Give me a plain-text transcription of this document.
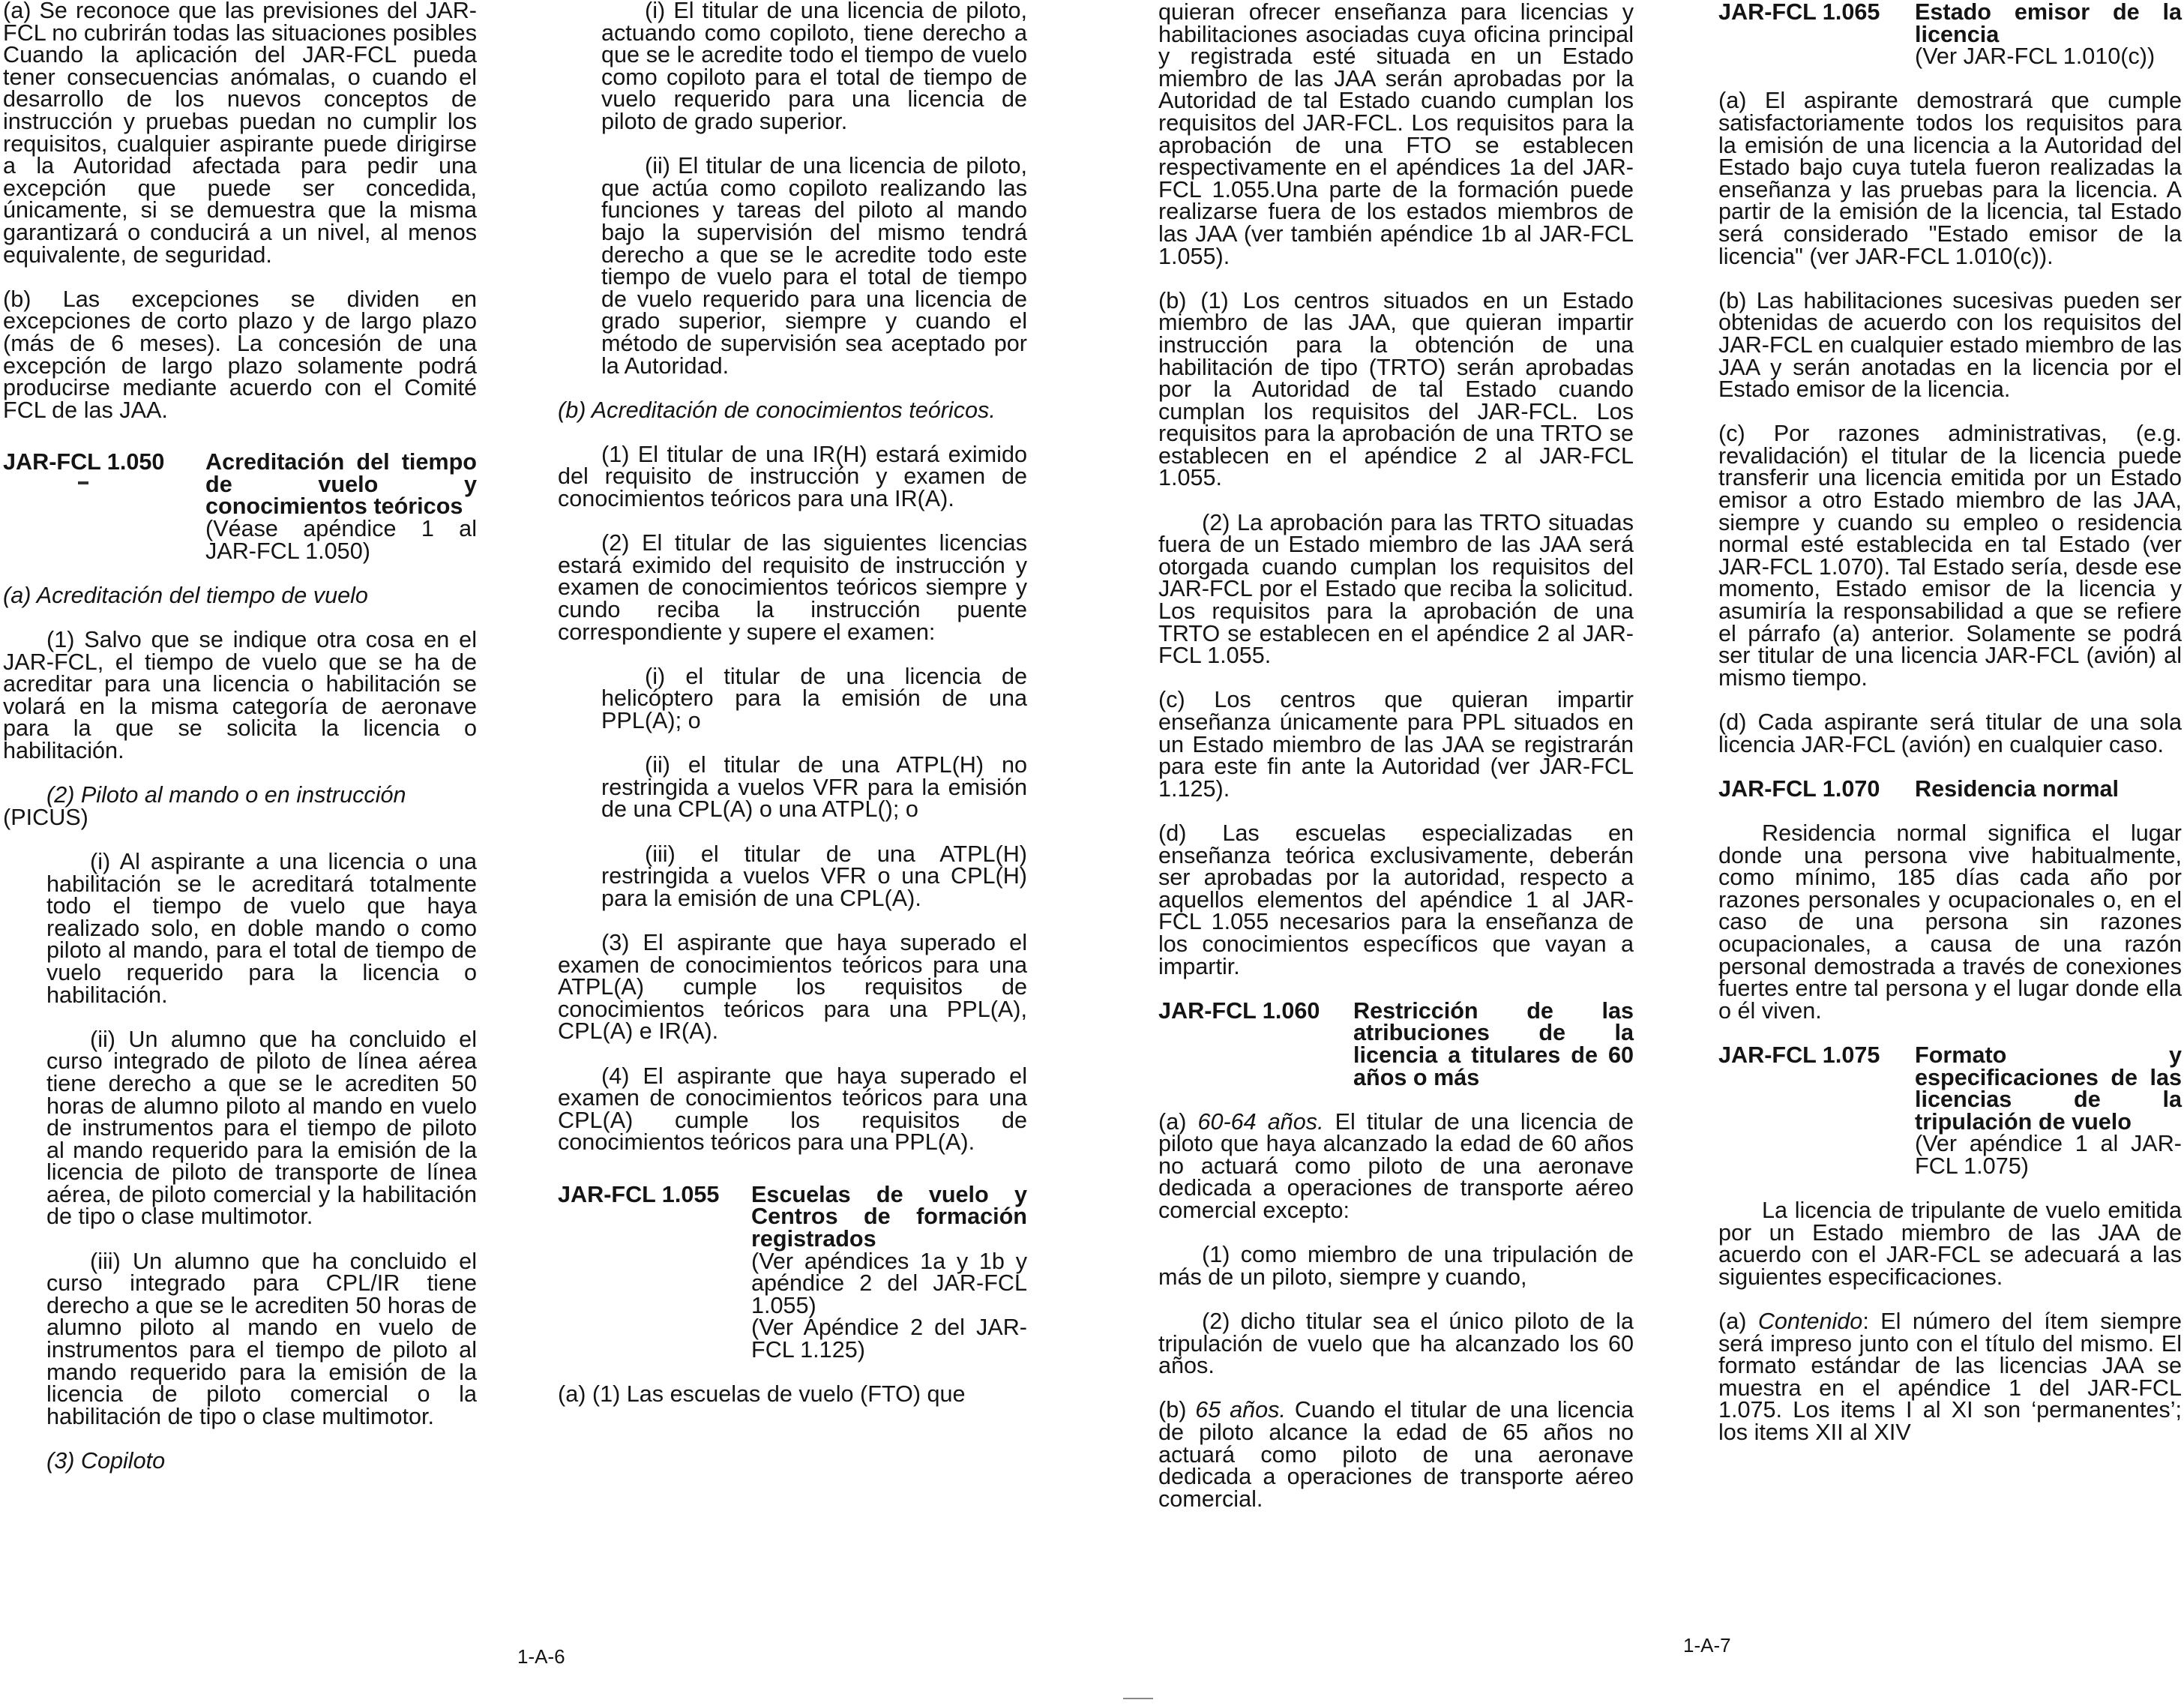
(a) Se reconoce que las previsiones del JAR-FCL no cubrirán todas las situaciones posibles Cuando la aplicación del JAR-FCL pueda tener consecuencias anómalas, o cuando el desarrollo de los nuevos conceptos de instrucción y pruebas puedan no cumplir los requisitos, cualquier aspirante puede dirigirse a la Autoridad afectada para pedir una excepción que puede ser concedida, únicamente, si se demuestra que la misma garantizará o conducirá a un nivel, al menos equivalente, de seguridad.

(b) Las excepciones se dividen en excepciones de corto plazo y de largo plazo (más de 6 meses). La concesión de una excepción de largo plazo solamente podrá producirse mediante acuerdo con el Comité FCL de las JAA.

JAR-FCL 1.050	Acreditación del tiempo de vuelo y conocimientos teóricos
(Véase apéndice 1 al JAR-FCL 1.050)

(a) Acreditación del tiempo de vuelo

(1) Salvo que se indique otra cosa en el JAR-FCL, el tiempo de vuelo que se ha de acreditar para una licencia o habilitación se volará en la misma categoría de aeronave para la que se solicita la licencia o habilitación.

(2) Piloto al mando o en instrucción

(PICUS)

(i) Al aspirante a una licencia o una habilitación se le acreditará totalmente todo el tiempo de vuelo que haya realizado solo, en doble mando o como piloto al mando, para el total de tiempo de vuelo requerido para la licencia o habilitación.

(ii) Un alumno que ha concluido el curso integrado de piloto de línea aérea tiene derecho a que se le acrediten 50 horas de alumno piloto al mando en vuelo de instrumentos para el tiempo de piloto al mando requerido para la emisión de la licencia de piloto de transporte de línea aérea, de piloto comercial y la habilitación de tipo o clase multimotor.

(iii) Un alumno que ha concluido el curso integrado para CPL/IR tiene derecho a que se le acrediten 50 horas de alumno piloto al mando en vuelo de instrumentos para el tiempo de piloto al mando requerido para la emisión de la licencia de piloto comercial o la habilitación de tipo o clase multimotor.

(3) Copiloto

(i) El titular de una licencia de piloto, actuando como copiloto, tiene derecho a que se le acredite todo el tiempo de vuelo como copiloto para el total de tiempo de vuelo requerido para una licencia de piloto de grado superior.

(ii) El titular de una licencia de piloto, que actúa como copiloto realizando las funciones y tareas del piloto al mando bajo la supervisión del mismo tendrá derecho a que se le acredite todo este tiempo de vuelo para el total de tiempo de vuelo requerido para una licencia de grado superior, siempre y cuando el método de supervisión sea aceptado por la Autoridad.

(b) Acreditación de conocimientos teóricos.

(1) El titular de una IR(H) estará eximido del requisito de instrucción y examen de conocimientos teóricos para una IR(A).

(2) El titular de las siguientes licencias estará eximido del requisito de instrucción y examen de conocimientos teóricos siempre y cundo reciba la instrucción puente correspondiente y supere el examen:

(i) el titular de una licencia de helicóptero para la emisión de una PPL(A); o

(ii) el titular de una ATPL(H) no restringida a vuelos VFR para la emisión de una CPL(A) o una ATPL(); o

(iii) el titular de una ATPL(H) restringida a vuelos VFR o una CPL(H) para la emisión de una CPL(A).

(3) El aspirante que haya superado el examen de conocimientos teóricos para una ATPL(A) cumple los requisitos de conocimientos teóricos para una PPL(A), CPL(A) e IR(A).

(4) El aspirante que haya superado el examen de conocimientos teóricos para una CPL(A) cumple los requisitos de conocimientos teóricos para una PPL(A).

JAR-FCL 1.055	Escuelas de vuelo y Centros de formación registrados
(Ver apéndices 1a y 1b y apéndice 2 del JAR-FCL 1.055)
(Ver Apéndice 2 del JAR-FCL 1.125)

(a) (1) Las escuelas de vuelo (FTO) que

1-A-6

quieran ofrecer enseñanza para licencias y habilitaciones asociadas cuya oficina principal y registrada esté situada en un Estado miembro de las JAA serán aprobadas por la Autoridad de tal Estado cuando cumplan los requisitos del JAR-FCL. Los requisitos para la aprobación de una FTO se establecen respectivamente en el apéndices 1a del JAR-FCL 1.055.Una parte de la formación puede realizarse fuera de los estados miembros de las JAA (ver también apéndice 1b al JAR-FCL 1.055).

(b) (1) Los centros situados en un Estado miembro de las JAA, que quieran impartir instrucción para la obtención de una habilitación de tipo (TRTO) serán aprobadas por la Autoridad de tal Estado cuando cumplan los requisitos del JAR-FCL. Los requisitos para la aprobación de una TRTO se establecen en el apéndice 2 al JAR-FCL 1.055.

(2) La aprobación para las TRTO situadas fuera de un Estado miembro de las JAA será otorgada cuando cumplan los requisitos del JAR-FCL por el Estado que reciba la solicitud. Los requisitos para la aprobación de una TRTO se establecen en el apéndice 2 al JAR-FCL 1.055.

(c) Los centros que quieran impartir enseñanza únicamente para PPL situados en un Estado miembro de las JAA se registrarán para este fin ante la Autoridad (ver JAR-FCL 1.125).

(d) Las escuelas especializadas en enseñanza teórica exclusivamente, deberán ser aprobadas por la autoridad, respecto a aquellos elementos del apéndice 1 al JAR-FCL 1.055 necesarios para la enseñanza de los conocimientos específicos que vayan a impartir.

JAR-FCL 1.060	Restricción de las atribuciones de la licencia a titulares de 60 años o más

(a) 60-64 años. El titular de una licencia de piloto que haya alcanzado la edad de 60 años no actuará como piloto de una aeronave dedicada a operaciones de transporte aéreo comercial excepto:

(1) como miembro de una tripulación de más de un piloto, siempre y cuando,

(2) dicho titular sea el único piloto de la tripulación de vuelo que ha alcanzado los 60 años.

(b) 65 años. Cuando el titular de una licencia de piloto alcance la edad de 65 años no actuará como piloto de una aeronave dedicada a operaciones de transporte aéreo comercial.

JAR-FCL 1.065	Estado emisor de la licencia
(Ver JAR-FCL 1.010(c))

(a) El aspirante demostrará que cumple satisfactoriamente todos los requisitos para la emisión de una licencia a la Autoridad del Estado bajo cuya tutela fueron realizadas la enseñanza y las pruebas para la licencia. A partir de la emisión de la licencia, tal Estado será considerado "Estado emisor de la licencia" (ver JAR-FCL 1.010(c)).

(b) Las habilitaciones sucesivas pueden ser obtenidas de acuerdo con los requisitos del JAR-FCL en cualquier estado miembro de las JAA y serán anotadas en la licencia por el Estado emisor de la licencia.

(c) Por razones administrativas, (e.g. revalidación) el titular de la licencia puede transferir una licencia emitida por un Estado emisor a otro Estado miembro de las JAA, siempre y cuando su empleo o residencia normal esté establecida en tal Estado (ver JAR-FCL 1.070). Tal Estado sería, desde ese momento, Estado emisor de la licencia y asumiría la responsabilidad a que se refiere el párrafo (a) anterior. Solamente se podrá ser titular de una licencia JAR-FCL (avión) al mismo tiempo.

(d) Cada aspirante será titular de una sola licencia JAR-FCL (avión) en cualquier caso.

JAR-FCL 1.070	Residencia normal

Residencia normal significa el lugar donde una persona vive habitualmente, como mínimo, 185 días cada año por razones personales y ocupacionales o, en el caso de una persona sin razones ocupacionales, a causa de una razón personal demostrada a través de conexiones fuertes entre tal persona y el lugar donde ella o él viven.

JAR-FCL 1.075	Formato y especificaciones de las licencias de la tripulación de vuelo
(Ver apéndice 1 al JAR-FCL 1.075)

La licencia de tripulante de vuelo emitida por un Estado miembro de las JAA de acuerdo con el JAR-FCL se adecuará a las siguientes especificaciones.

(a) Contenido: El número del ítem siempre será impreso junto con el título del mismo. El formato estándar de las licencias JAA se muestra en el apéndice 1 del JAR-FCL 1.075. Los items I al XI son ‘permanentes’; los items XII al XIV

1-A-7
